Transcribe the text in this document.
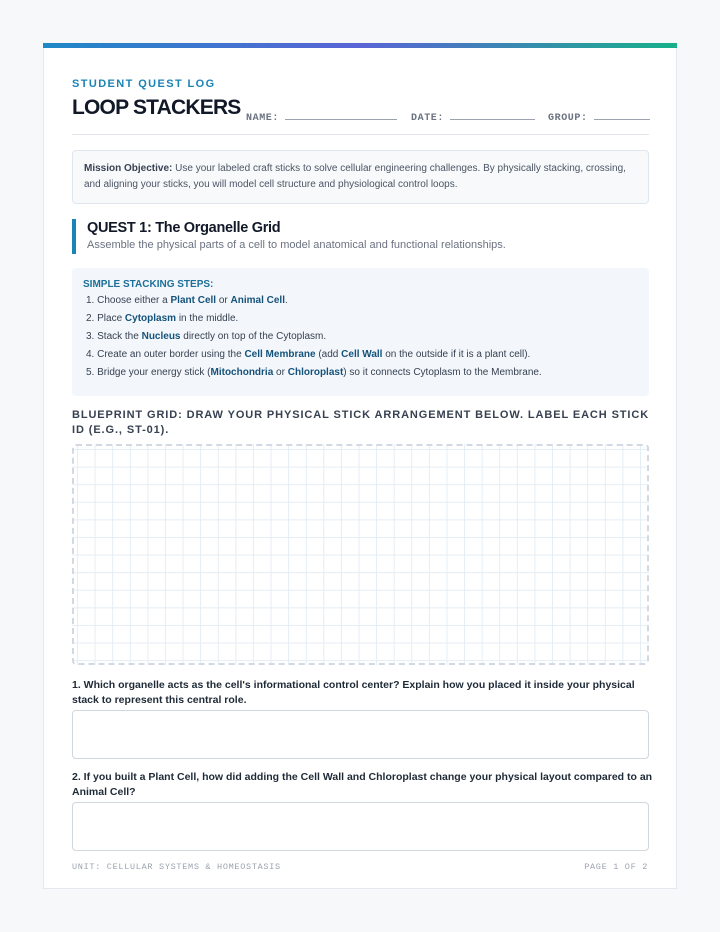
STUDENT QUEST LOG
LOOP STACKERS NAME:	DATE:	GROUP:
Mission Objective: Use your labeled craft sticks to solve cellular engineering challenges. By physically stacking, crossing, and aligning your sticks, you will model cell structure and physiological control loops.
QUEST 1: The Organelle Grid
Assemble the physical parts of a cell to model anatomical and functional relationships.
SIMPLE STACKING STEPS:
1. Choose either a Plant Cell or Animal Cell.
2. Place Cytoplasm in the middle.
3. Stack the Nucleus directly on top of the Cytoplasm.
4. Create an outer border using the Cell Membrane (add Cell Wall on the outside if it is a plant cell).
5. Bridge your energy stick (Mitochondria or Chloroplast) so it connects Cytoplasm to the Membrane.
BLUEPRINT GRID: DRAW YOUR PHYSICAL STICK ARRANGEMENT BELOW. LABEL EACH STICK ID (E.G., ST-01).
1. Which organelle acts as the cell's informational control center? Explain how you placed it inside your physical stack to represent this central role.
2. If you built a Plant Cell, how did adding the Cell Wall and Chloroplast change your physical layout compared to an Animal Cell?
UNIT: CELLULAR SYSTEMS & HOMEOSTASIS	PAGE 1 OF 2
